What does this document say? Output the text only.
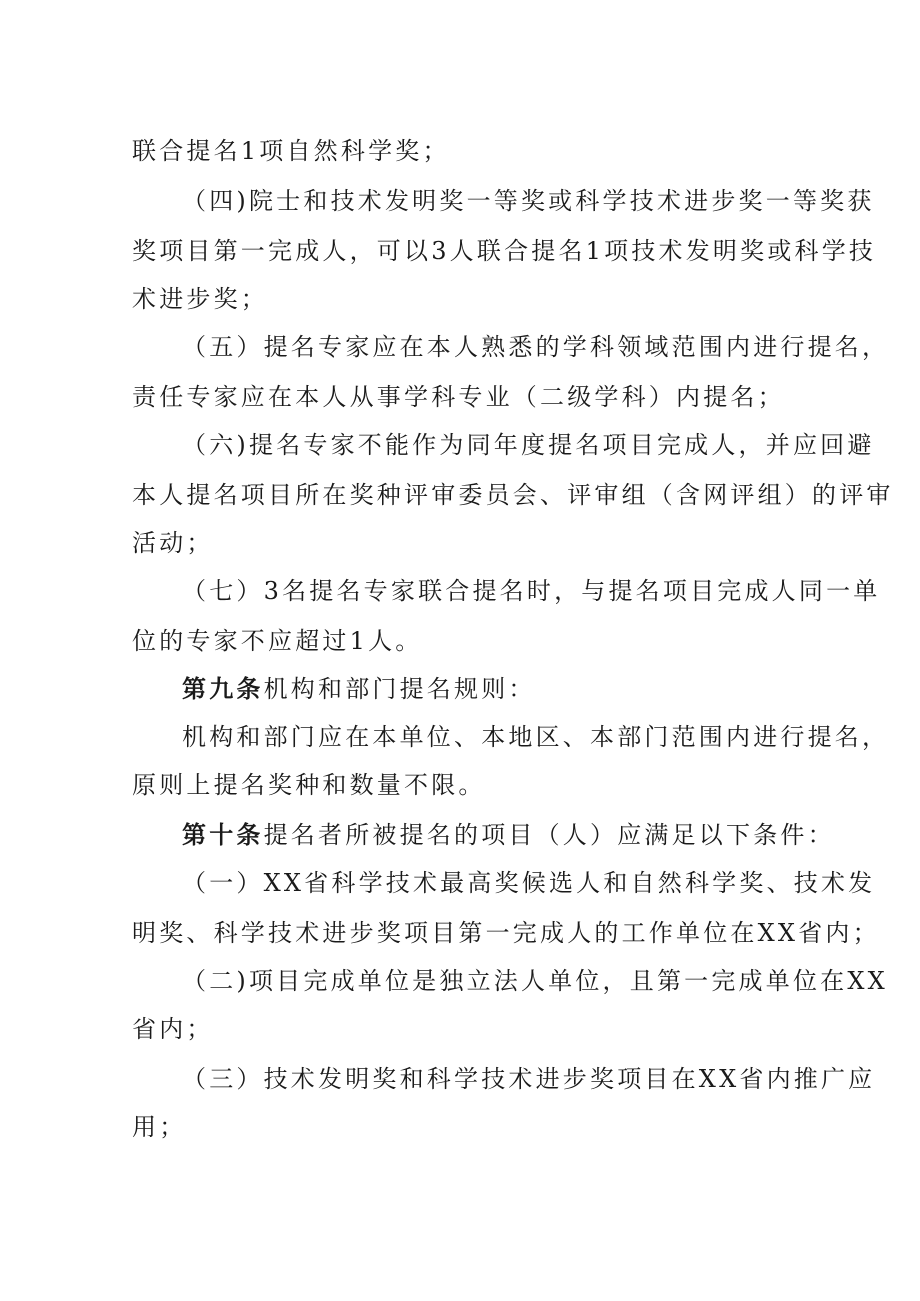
联合提名1项自然科学奖；
（四)院士和技术发明奖一等奖或科学技术进步奖一等奖获
奖项目第一完成人，可以3人联合提名1项技术发明奖或科学技
术进步奖；
（五）提名专家应在本人熟悉的学科领域范围内进行提名，
责任专家应在本人从事学科专业（二级学科）内提名；
（六)提名专家不能作为同年度提名项目完成人，并应回避
本人提名项目所在奖种评审委员会、评审组（含网评组）的评审
活动；
（七）3名提名专家联合提名时，与提名项目完成人同一单
位的专家不应超过1人。
第九条机构和部门提名规则：
机构和部门应在本单位、本地区、本部门范围内进行提名，
原则上提名奖种和数量不限。
第十条提名者所被提名的项目（人）应满足以下条件：
（一）XX省科学技术最高奖候选人和自然科学奖、技术发
明奖、科学技术进步奖项目第一完成人的工作单位在XX省内；
（二)项目完成单位是独立法人单位，且第一完成单位在XX
省内；
（三）技术发明奖和科学技术进步奖项目在XX省内推广应
用；
